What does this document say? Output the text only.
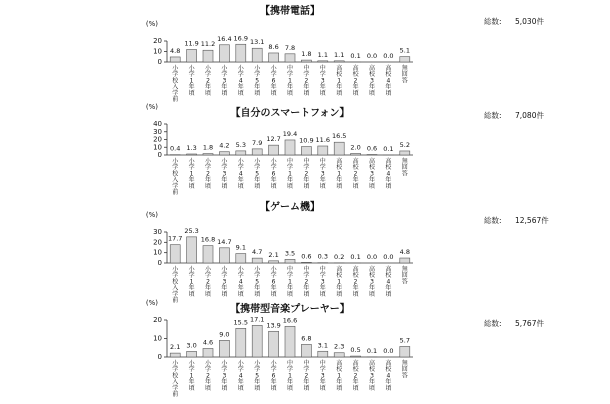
【携帯電話】
総数: 5,030件
(%)
0
10
20
4.8
小学校入学前
11.9
小学 1 年頃
11.2
小学 2 年頃
16.4
小学 3 年頃
16.9
小学 4 年頃
13.1
小学 5 年頃
8.6
小学 6 年頃
7.8
中学 1 年頃
1.8
中学 2 年頃
1.1
中学 3 年頃
1.1
高校 1 年頃
0.1
高校 2 年頃
0.0
高校 3 年頃
0.0
高校 4 年頃
5.1
無回答
【自分のスマートフォン】	総数: 7,080件
(%)
0
10
20
30
40
0.4
小学校入学前
1.3
小学 1 年頃
1.8
小学 2 年頃
4.2
小学 3 年頃
5.3
小学 4 年頃
7.9
小学 5 年頃
12.7
小学 6 年頃
19.4
中学 1 年頃
10.9
中学 2 年頃
11.6
中学 3 年頃
16.5
高校 1 年頃
2.0
高校 2 年頃
0.6
高校 3 年頃
0.1
高校 4 年頃
5.2
無回答
【ゲーム機】
総数: 12,567件
(%)
0
10
20
30
17.7
小学校入学前
25.3
小学 1 年頃
16.8
小学 2 年頃
14.7
小学 3 年頃
9.1
小学 4 年頃
4.7
小学 5 年頃
2.1
小学 6 年頃
3.5
中学 1 年頃
0.6
中学 2 年頃
0.3
中学 3 年頃
0.2
高校 1 年頃
0.1
高校 2 年頃
0.0
高校 3 年頃
0.0
高校 4 年頃
4.8
無回答
【携帯型音楽プレーヤー】
総数: 5,767件
(%)
0
10
20
2.1
小学校入学前
3.0
小学 1 年頃
4.6
小学 2 年頃
9.0
小学 3 年頃
15.5
小学 4 年頃
17.1
小学 5 年頃
13.9
小学 6 年頃
16.6
中学 1 年頃
6.8
中学 2 年頃
3.1
中学 3 年頃
2.3
高校 1 年頃
0.5
高校 2 年頃
0.1
高校 3 年頃
0.0
高校 4 年頃
5.7
無回答
